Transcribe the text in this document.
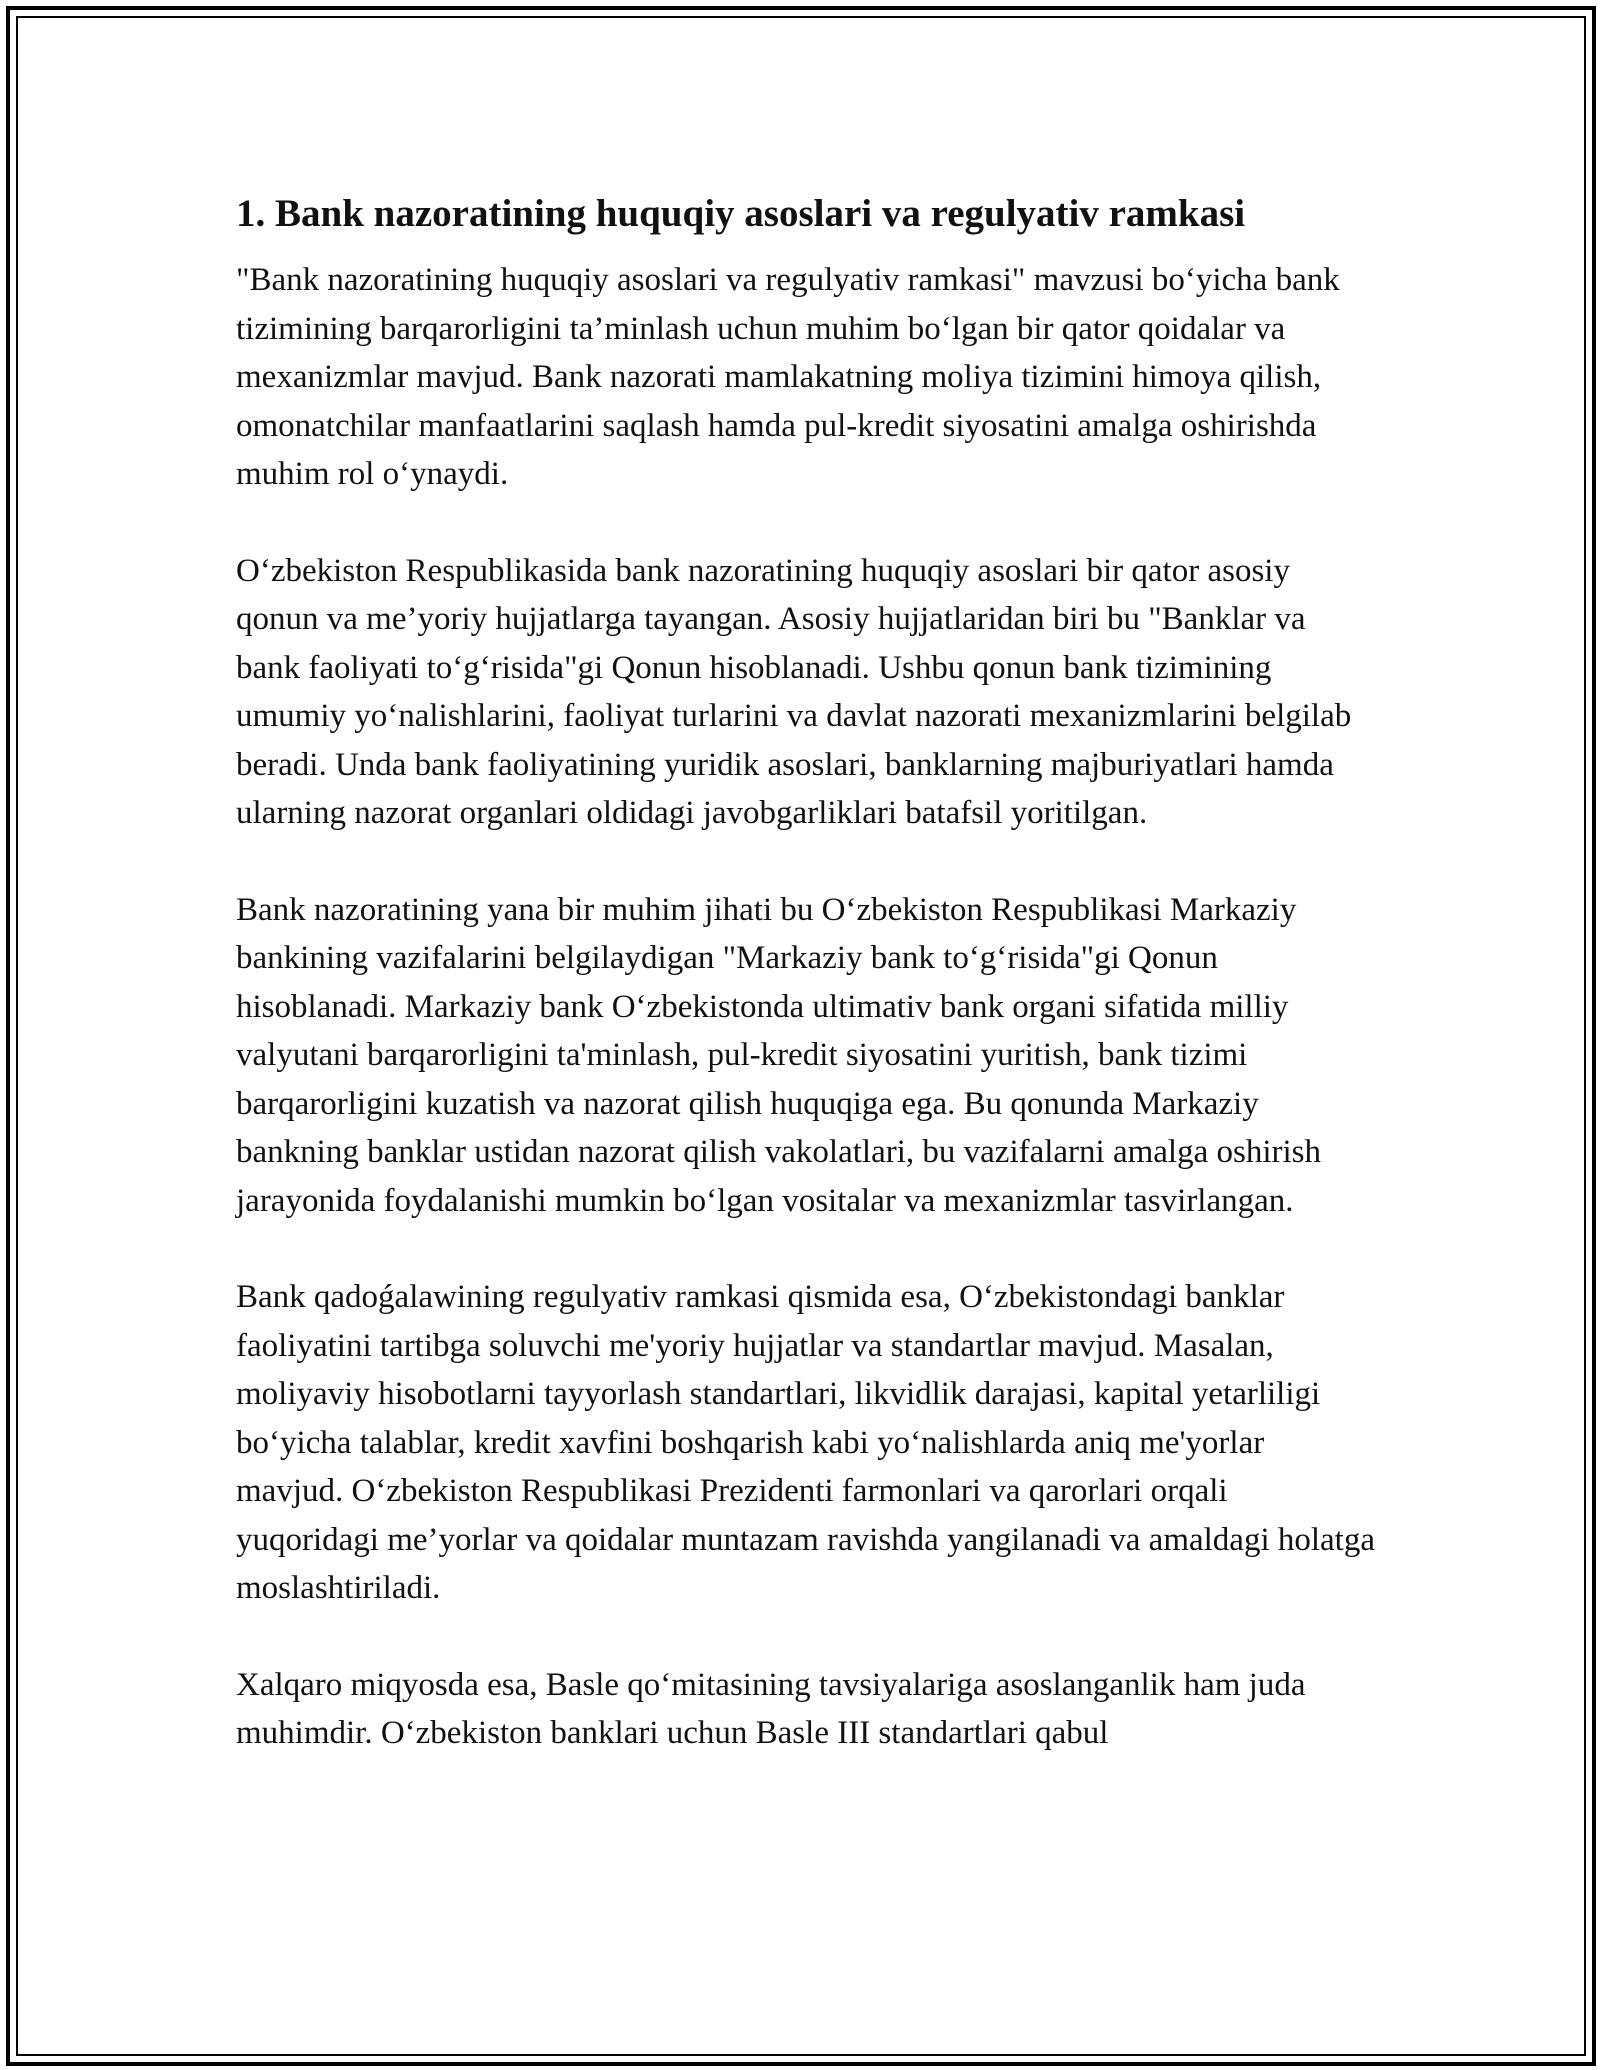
1. Bank nazoratining huquqiy asoslari va regulyativ ramkasi

"Bank nazoratining huquqiy asoslari va regulyativ ramkasi" mavzusi bo‘yicha bank tizimining barqarorligini ta’minlash uchun muhim bo‘lgan bir qator qoidalar va mexanizmlar mavjud. Bank nazorati mamlakatning moliya tizimini himoya qilish, omonatchilar manfaatlarini saqlash hamda pul-kredit siyosatini amalga oshirishda muhim rol o‘ynaydi.

O‘zbekiston Respublikasida bank nazoratining huquqiy asoslari bir qator asosiy qonun va me’yoriy hujjatlarga tayangan. Asosiy hujjatlaridan biri bu "Banklar va bank faoliyati to‘g‘risida"gi Qonun hisoblanadi. Ushbu qonun bank tizimining umumiy yo‘nalishlarini, faoliyat turlarini va davlat nazorati mexanizmlarini belgilab beradi. Unda bank faoliyatining yuridik asoslari, banklarning majburiyatlari hamda ularning nazorat organlari oldidagi javobgarliklari batafsil yoritilgan.

Bank nazoratining yana bir muhim jihati bu O‘zbekiston Respublikasi Markaziy bankining vazifalarini belgilaydigan "Markaziy bank to‘g‘risida"gi Qonun hisoblanadi. Markaziy bank O‘zbekistonda ultimativ bank organi sifatida milliy valyutani barqarorligini ta'minlash, pul-kredit siyosatini yuritish, bank tizimi barqarorligini kuzatish va nazorat qilish huquqiga ega. Bu qonunda Markaziy bankning banklar ustidan nazorat qilish vakolatlari, bu vazifalarni amalga oshirish jarayonida foydalanishi mumkin bo‘lgan vositalar va mexanizmlar tasvirlangan.

Bank qadoǵalawining regulyativ ramkasi qismida esa, O‘zbekistondagi banklar faoliyatini tartibga soluvchi me'yoriy hujjatlar va standartlar mavjud. Masalan, moliyaviy hisobotlarni tayyorlash standartlari, likvidlik darajasi, kapital yetarliligi bo‘yicha talablar, kredit xavfini boshqarish kabi yo‘nalishlarda aniq me'yorlar mavjud. O‘zbekiston Respublikasi Prezidenti farmonlari va qarorlari orqali yuqoridagi me’yorlar va qoidalar muntazam ravishda yangilanadi va amaldagi holatga moslashtiriladi.

Xalqaro miqyosda esa, Basle qo‘mitasining tavsiyalariga asoslanganlik ham juda muhimdir. O‘zbekiston banklari uchun Basle III standartlari qabul
